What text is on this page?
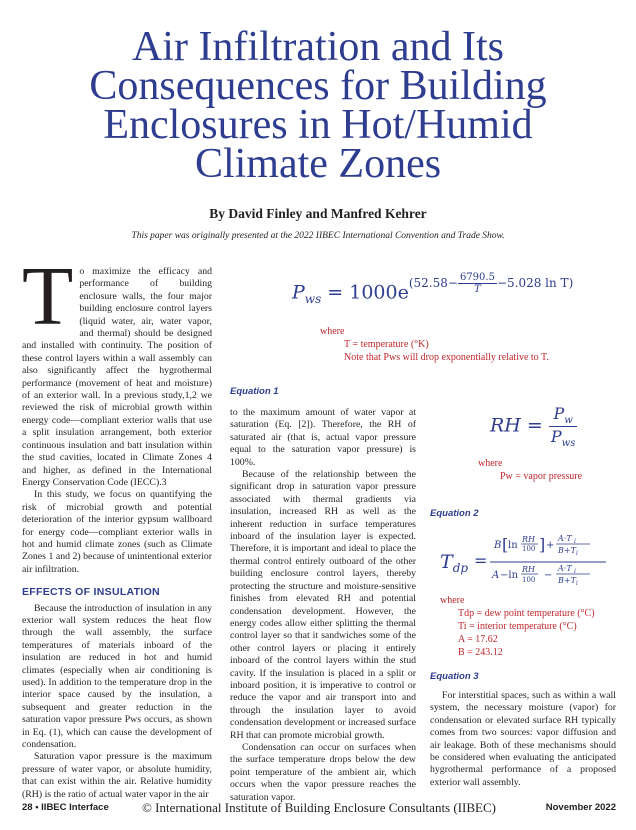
Air Infiltration and Its
Consequences for Building
Enclosures in Hot/Humid
Climate Zones
By David Finley and Manfred Kehrer
This paper was originally presented at the 2022 IIBEC International Convention and Trade Show.

To maximize the efficacy and performance of building enclosure walls, the four major building enclosure control layers (liquid water, air, water vapor, and thermal) should be designed and installed with continuity. The position of these control layers within a wall assembly can also significantly affect the hygrothermal performance (movement of heat and moisture) of an exterior wall. In a previous study,1,2 we reviewed the risk of microbial growth within energy code—compliant exterior walls that use a split insulation arrangement, both exterior continuous insulation and batt insulation within the stud cavities, located in Climate Zones 4 and higher, as defined in the International Energy Conservation Code (IECC).3

In this study, we focus on quantifying the risk of microbial growth and potential deterioration of the interior gypsum wallboard for energy code—compliant exterior walls in hot and humid climate zones (such as Climate Zones 1 and 2) because of unintentional exterior air infiltration.

EFFECTS OF INSULATION

Because the introduction of insulation in any exterior wall system reduces the heat flow through the wall assembly, the surface temperatures of materials inboard of the insulation are reduced in hot and humid climates (especially when air conditioning is used). In addition to the temperature drop in the interior space caused by the insulation, a subsequent and greater reduction in the saturation vapor pressure Pws occurs, as shown in Eq. (1), which can cause the development of condensation.

Saturation vapor pressure is the maximum pressure of water vapor, or absolute humidity, that can exist within the air. Relative humidity (RH) is the ratio of actual water vapor in the air

to the maximum amount of water vapor at saturation (Eq. [2]). Therefore, the RH of saturated air (that is, actual vapor pressure equal to the saturation vapor pressure) is 100%.

Because of the relationship between the significant drop in saturation vapor pressure associated with thermal gradients via insulation, increased RH as well as the inherent reduction in surface temperatures inboard of the insulation layer is expected. Therefore, it is important and ideal to place the thermal control entirely outboard of the other building enclosure control layers, thereby protecting the structure and moisture-sensitive finishes from elevated RH and potential condensation development. However, the energy codes allow either splitting the thermal control layer so that it sandwiches some of the other control layers or placing it entirely inboard of the control layers within the stud cavity. If the insulation is placed in a split or inboard position, it is imperative to control or reduce the vapor and air transport into and through the insulation layer to avoid condensation development or increased surface RH that can promote microbial growth.

Condensation can occur on surfaces when the surface temperature drops below the dew point temperature of the ambient air, which occurs when the vapor pressure reaches the saturation vapor.

$P_{ws} = 1000e^{(52.58- \frac{6790.5}{T} -5.028 ln T)}$
where
T = temperature (°K)
Note that Pws will drop exponentially relative to T.
Equation 1
RH = $\frac{P_w}{P_{ws}}$
where
Pw = vapor pressure
Equation 2
$T_{dp}$ =
B [ ln
RH
100 ] +
A·T i
B+T i
A −ln
RH
100 −
A·T i
B+T i
where
Tdp = dew point temperature (°C)
Ti = interior temperature (°C)
A = 17.62
B = 243.12
Equation 3

For interstitial spaces, such as within a wall system, the necessary moisture (vapor) for condensation or elevated surface RH typically comes from two sources: vapor diffusion and air leakage. Both of these mechanisms should be considered when evaluating the anticipated hygrothermal performance of a proposed exterior wall assembly.

28 • IIBEC Interface	© International Institute of Building Enclosure Consultants (IIBEC)	November 2022
